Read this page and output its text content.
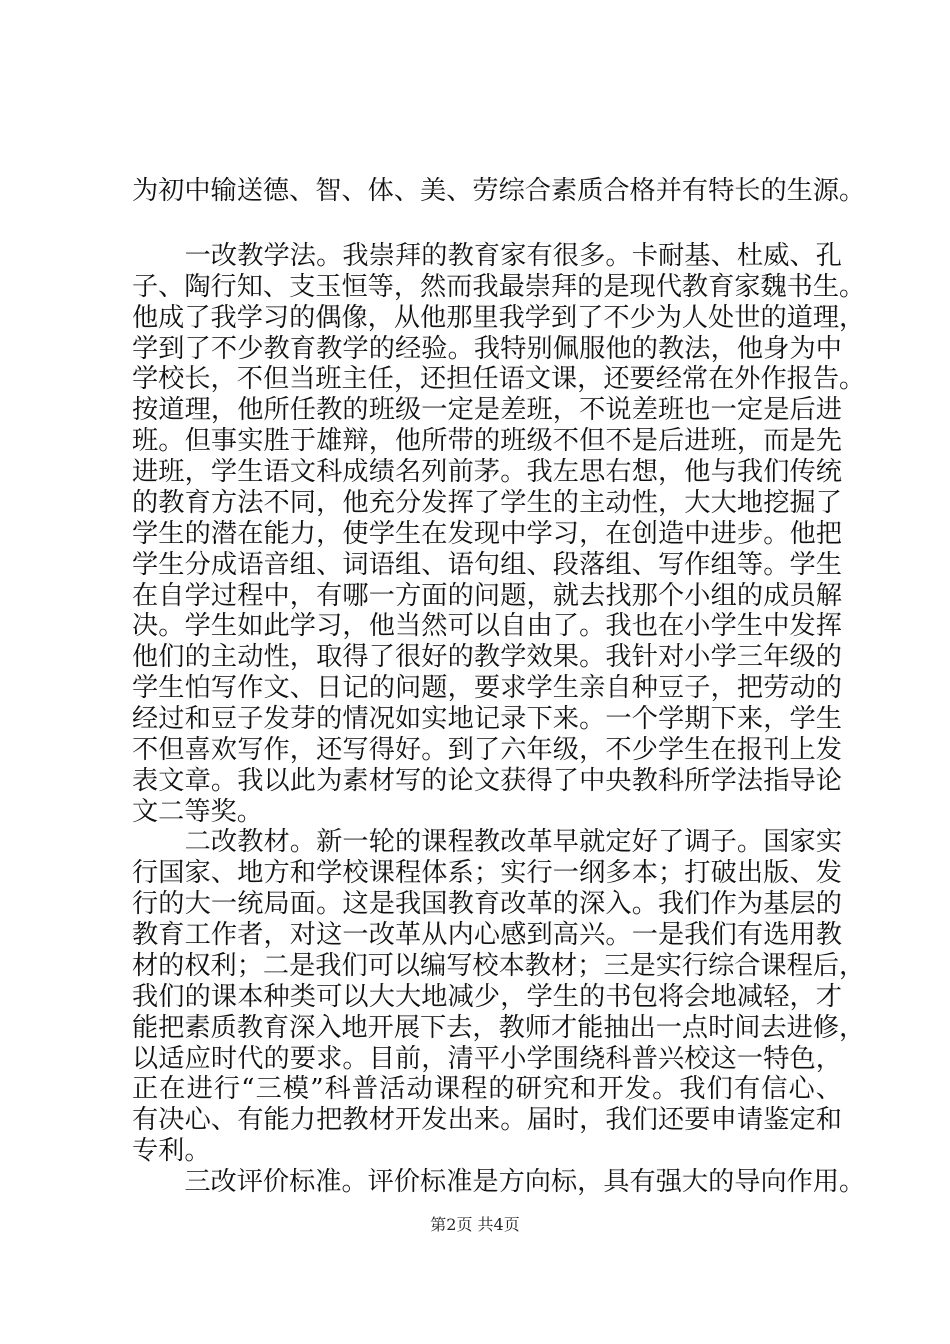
为初中输送德、智、体、美、劳综合素质合格并有特长的生源。
　　一改教学法。我崇拜的教育家有很多。卡耐基、杜威、孔
子、陶行知、支玉恒等，然而我最崇拜的是现代教育家魏书生。
他成了我学习的偶像，从他那里我学到了不少为人处世的道理，
学到了不少教育教学的经验。我特别佩服他的教法，他身为中
学校长，不但当班主任，还担任语文课，还要经常在外作报告。
按道理，他所任教的班级一定是差班，不说差班也一定是后进
班。但事实胜于雄辩，他所带的班级不但不是后进班，而是先
进班，学生语文科成绩名列前茅。我左思右想，他与我们传统
的教育方法不同，他充分发挥了学生的主动性，大大地挖掘了
学生的潜在能力，使学生在发现中学习，在创造中进步。他把
学生分成语音组、词语组、语句组、段落组、写作组等。学生
在自学过程中，有哪一方面的问题，就去找那个小组的成员解
决。学生如此学习，他当然可以自由了。我也在小学生中发挥
他们的主动性，取得了很好的教学效果。我针对小学三年级的
学生怕写作文、日记的问题，要求学生亲自种豆子，把劳动的
经过和豆子发芽的情况如实地记录下来。一个学期下来，学生
不但喜欢写作，还写得好。到了六年级，不少学生在报刊上发
表文章。我以此为素材写的论文获得了中央教科所学法指导论
文二等奖。
　　二改教材。新一轮的课程教改革早就定好了调子。国家实
行国家、地方和学校课程体系；实行一纲多本；打破出版、发
行的大一统局面。这是我国教育改革的深入。我们作为基层的
教育工作者，对这一改革从内心感到高兴。一是我们有选用教
材的权利；二是我们可以编写校本教材；三是实行综合课程后，
我们的课本种类可以大大地减少，学生的书包将会地减轻，才
能把素质教育深入地开展下去，教师才能抽出一点时间去进修，
以适应时代的要求。目前，清平小学围绕科普兴校这一特色，
正在进行“三模”科普活动课程的研究和开发。我们有信心、
有决心、有能力把教材开发出来。届时，我们还要申请鉴定和
专利。
　　三改评价标准。评价标准是方向标，具有强大的导向作用。
第2页 共4页
